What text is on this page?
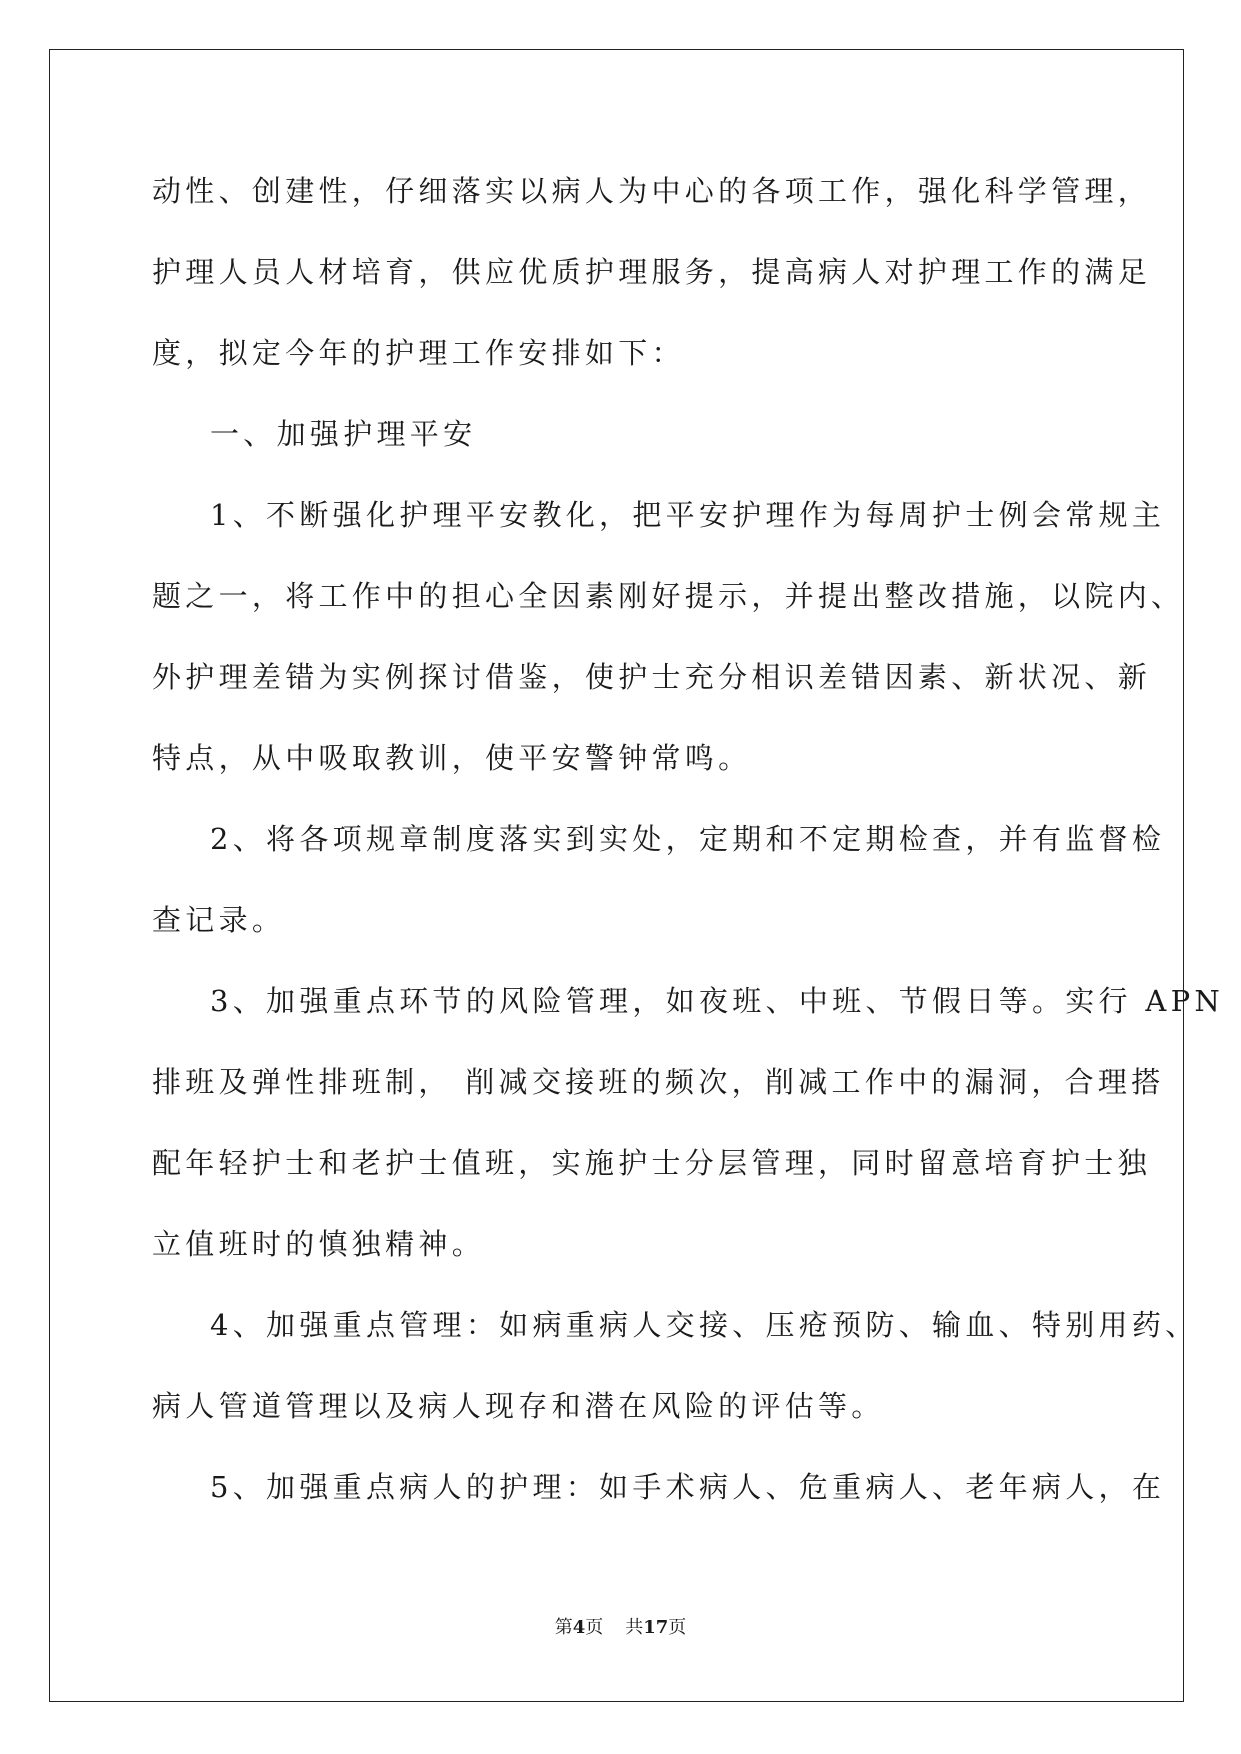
动性、创建性，仔细落实以病人为中心的各项工作，强化科学管理，
护理人员人材培育，供应优质护理服务，提高病人对护理工作的满足
度，拟定今年的护理工作安排如下：
一、加强护理平安
1、不断强化护理平安教化，把平安护理作为每周护士例会常规主
题之一，将工作中的担心全因素刚好提示，并提出整改措施，以院内、
外护理差错为实例探讨借鉴，使护士充分相识差错因素、新状况、新
特点，从中吸取教训，使平安警钟常鸣。
2、将各项规章制度落实到实处，定期和不定期检查，并有监督检
查记录。
3、加强重点环节的风险管理，如夜班、中班、节假日等。实行 APN
排班及弹性排班制， 削减交接班的频次，削减工作中的漏洞，合理搭
配年轻护士和老护士值班，实施护士分层管理，同时留意培育护士独
立值班时的慎独精神。
4、加强重点管理：如病重病人交接、压疮预防、输血、特别用药、
病人管道管理以及病人现存和潜在风险的评估等。
5、加强重点病人的护理：如手术病人、危重病人、老年病人，在
第4页 共17页
